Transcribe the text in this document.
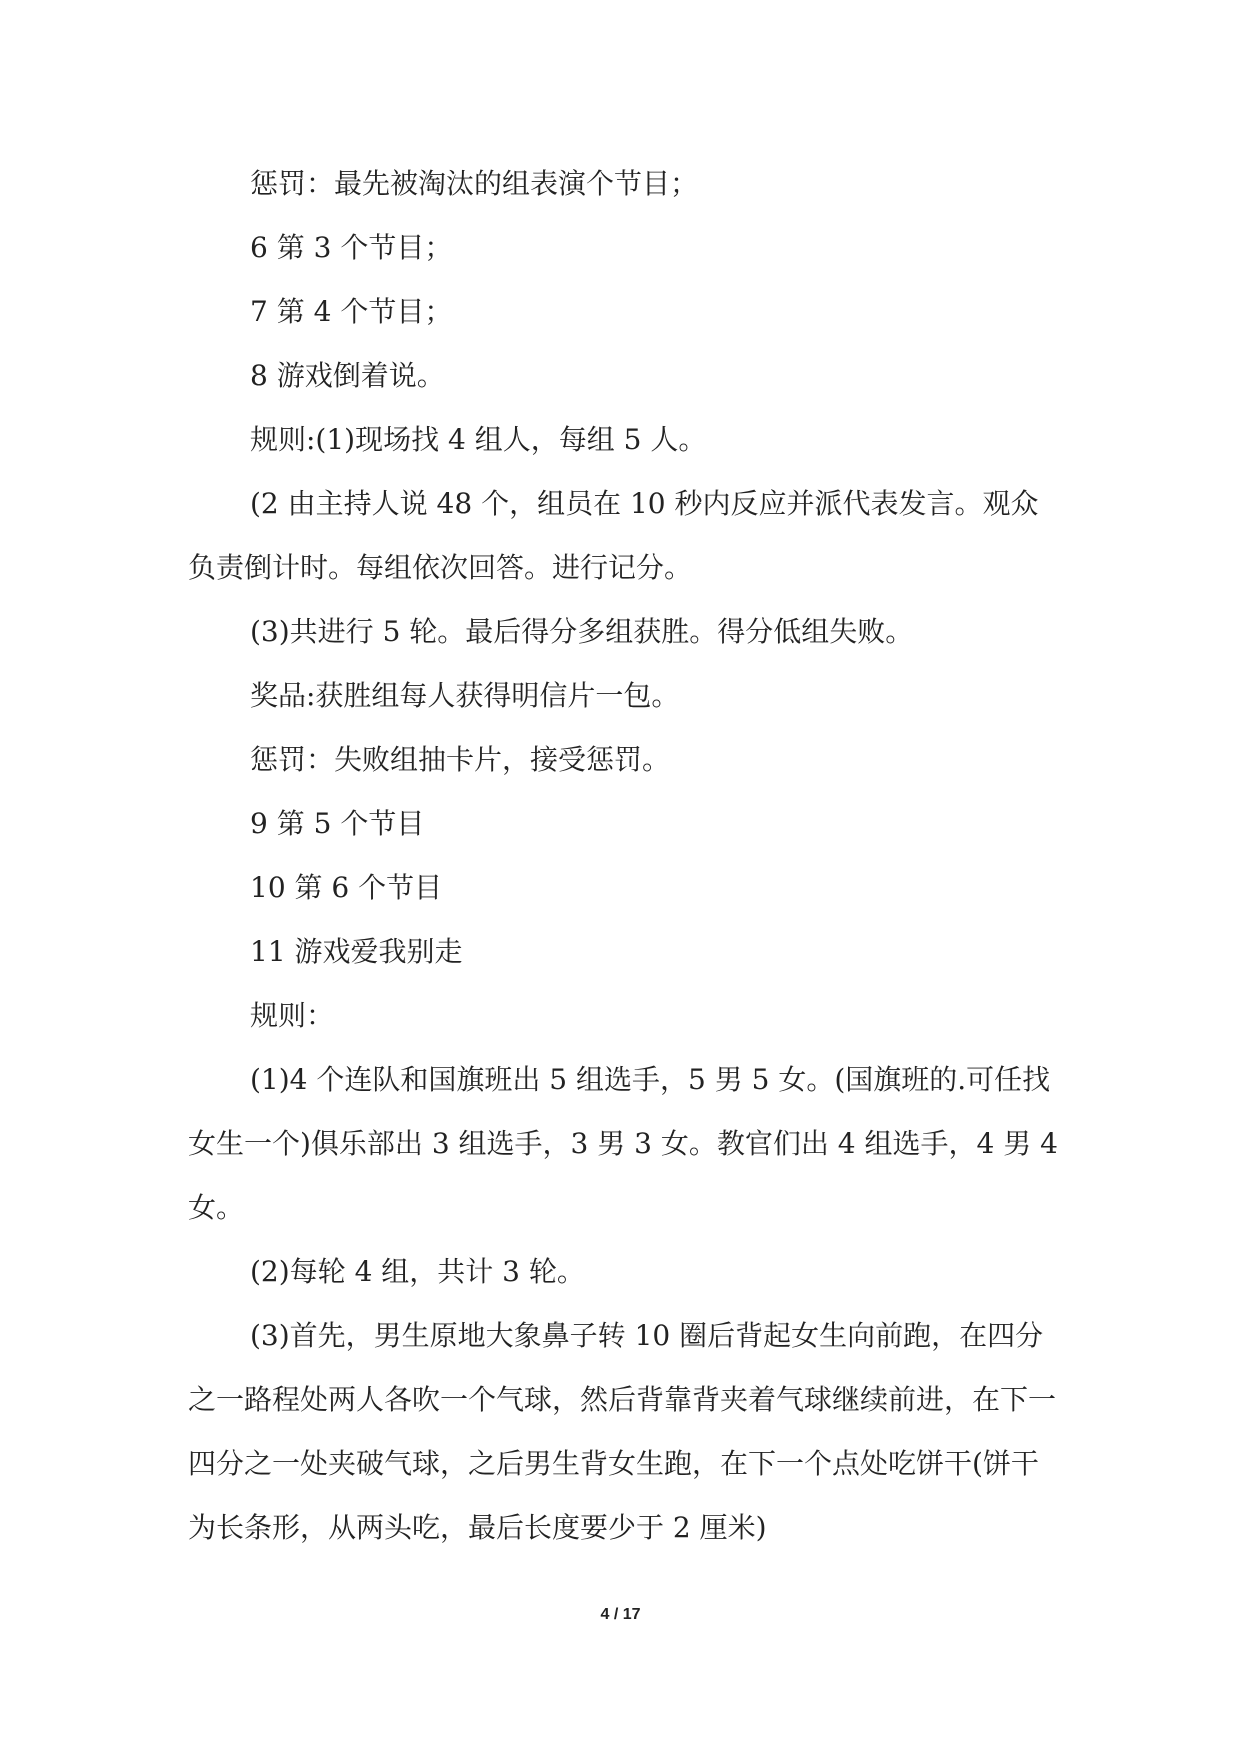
惩罚：最先被淘汰的组表演个节目；

6 第 3 个节目；

7 第 4 个节目；

8 游戏倒着说。

规则:(1)现场找 4 组人，每组 5 人。

(2 由主持人说 48 个，组员在 10 秒内反应并派代表发言。观众负责倒计时。每组依次回答。进行记分。

(3)共进行 5 轮。最后得分多组获胜。得分低组失败。

奖品:获胜组每人获得明信片一包。

惩罚：失败组抽卡片，接受惩罚。

9 第 5 个节目

10 第 6 个节目

11 游戏爱我别走

规则：

(1)4 个连队和国旗班出 5 组选手，5 男 5 女。(国旗班的.可任找女生一个)俱乐部出 3 组选手，3 男 3 女。教官们出 4 组选手，4 男 4 女。

(2)每轮 4 组，共计 3 轮。

(3)首先，男生原地大象鼻子转 10 圈后背起女生向前跑，在四分之一路程处两人各吹一个气球，然后背靠背夹着气球继续前进，在下一四分之一处夹破气球，之后男生背女生跑，在下一个点处吃饼干(饼干为长条形，从两头吃，最后长度要少于 2 厘米)

4 / 17
